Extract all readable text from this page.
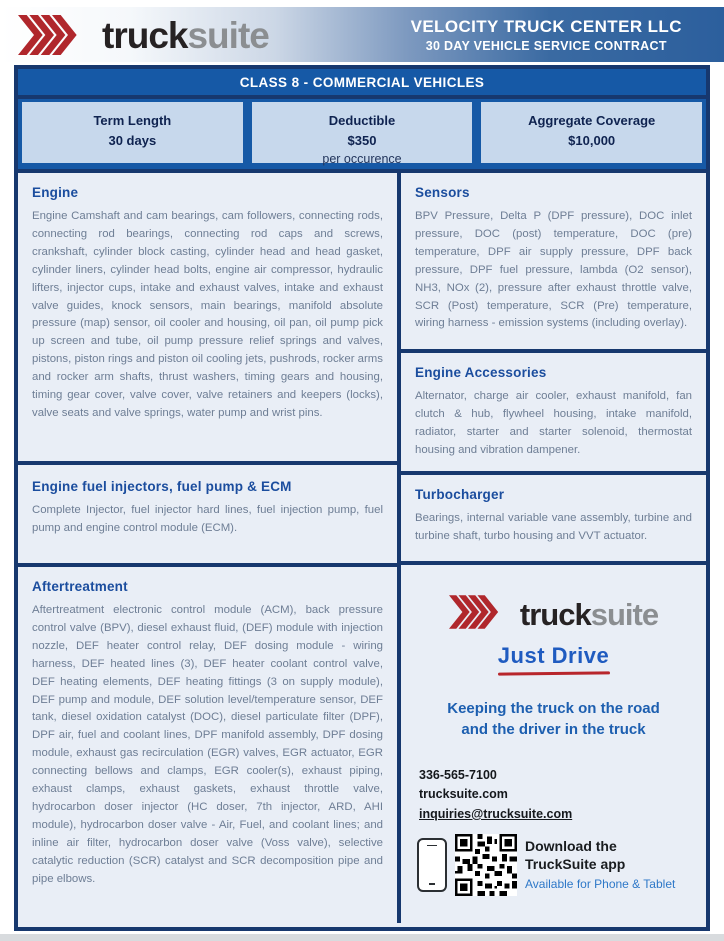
trucksuite	VELOCITY TRUCK CENTER LLC
30 DAY VEHICLE SERVICE CONTRACT
CLASS 8 - COMMERCIAL VEHICLES
Term Length
30 days
Deductible
$350
per occurence
Aggregate Coverage
$10,000
Engine

Engine Camshaft and cam bearings, cam followers, connecting rods, connecting rod bearings, connecting rod caps and screws, crankshaft, cylinder block casting, cylinder head and head gasket, cylinder liners, cylinder head bolts, engine air compressor, hydraulic lifters, injector cups, intake and exhaust valves, intake and exhaust valve guides, knock sensors, main bearings, manifold absolute pressure (map) sensor, oil cooler and housing, oil pan, oil pump pick up screen and tube, oil pump pressure relief springs and valves, pistons, piston rings and piston oil cooling jets, pushrods, rocker arms and rocker arm shafts, thrust washers, timing gears and housing, timing gear cover, valve cover, valve retainers and keepers (locks), valve seats and valve springs, water pump and wrist pins.

Engine fuel injectors, fuel pump & ECM

Complete Injector, fuel injector hard lines, fuel injection pump, fuel pump and engine control module (ECM).

Aftertreatment

Aftertreatment electronic control module (ACM), back pressure control valve (BPV), diesel exhaust fluid, (DEF) module with injection nozzle, DEF heater control relay, DEF dosing module - wiring harness, DEF heated lines (3), DEF heater coolant control valve, DEF heating elements, DEF heating fittings (3 on supply module), DEF pump and module, DEF solution level/temperature sensor, DEF tank, diesel oxidation catalyst (DOC), diesel particulate filter (DPF), DPF air, fuel and coolant lines, DPF manifold assembly, DPF dosing module, exhaust gas recirculation (EGR) valves, EGR actuator, EGR connecting bellows and clamps, EGR cooler(s), exhaust piping, exhaust clamps, exhaust gaskets, exhaust throttle valve, hydrocarbon doser injector (HC doser, 7th injector, ARD, AHI module), hydrocarbon doser valve - Air, Fuel, and coolant lines; and inline air filter, hydrocarbon doser valve (Voss valve), selective catalytic reduction (SCR) catalyst and SCR decomposition pipe and pipe elbows.

Sensors

BPV Pressure, Delta P (DPF pressure), DOC inlet pressure, DOC (post) temperature, DOC (pre) temperature, DPF air supply pressure, DPF back pressure, DPF fuel pressure, lambda (O2 sensor), NH3, NOx (2), pressure after exhaust throttle valve, SCR (Post) temperature, SCR (Pre) temperature, wiring harness - emission systems (including overlay).

Engine Accessories

Alternator, charge air cooler, exhaust manifold, fan clutch & hub, flywheel housing, intake manifold, radiator, starter and starter solenoid, thermostat housing and vibration dampener.

Turbocharger

Bearings, internal variable vane assembly, turbine and turbine shaft, turbo housing and VVT actuator.

trucksuite
Just Drive
Keeping the truck on the road
and the driver in the truck
336-565-7100
trucksuite.com
inquiries@trucksuite.com
Download the
TruckSuite app
Available for Phone & Tablet
